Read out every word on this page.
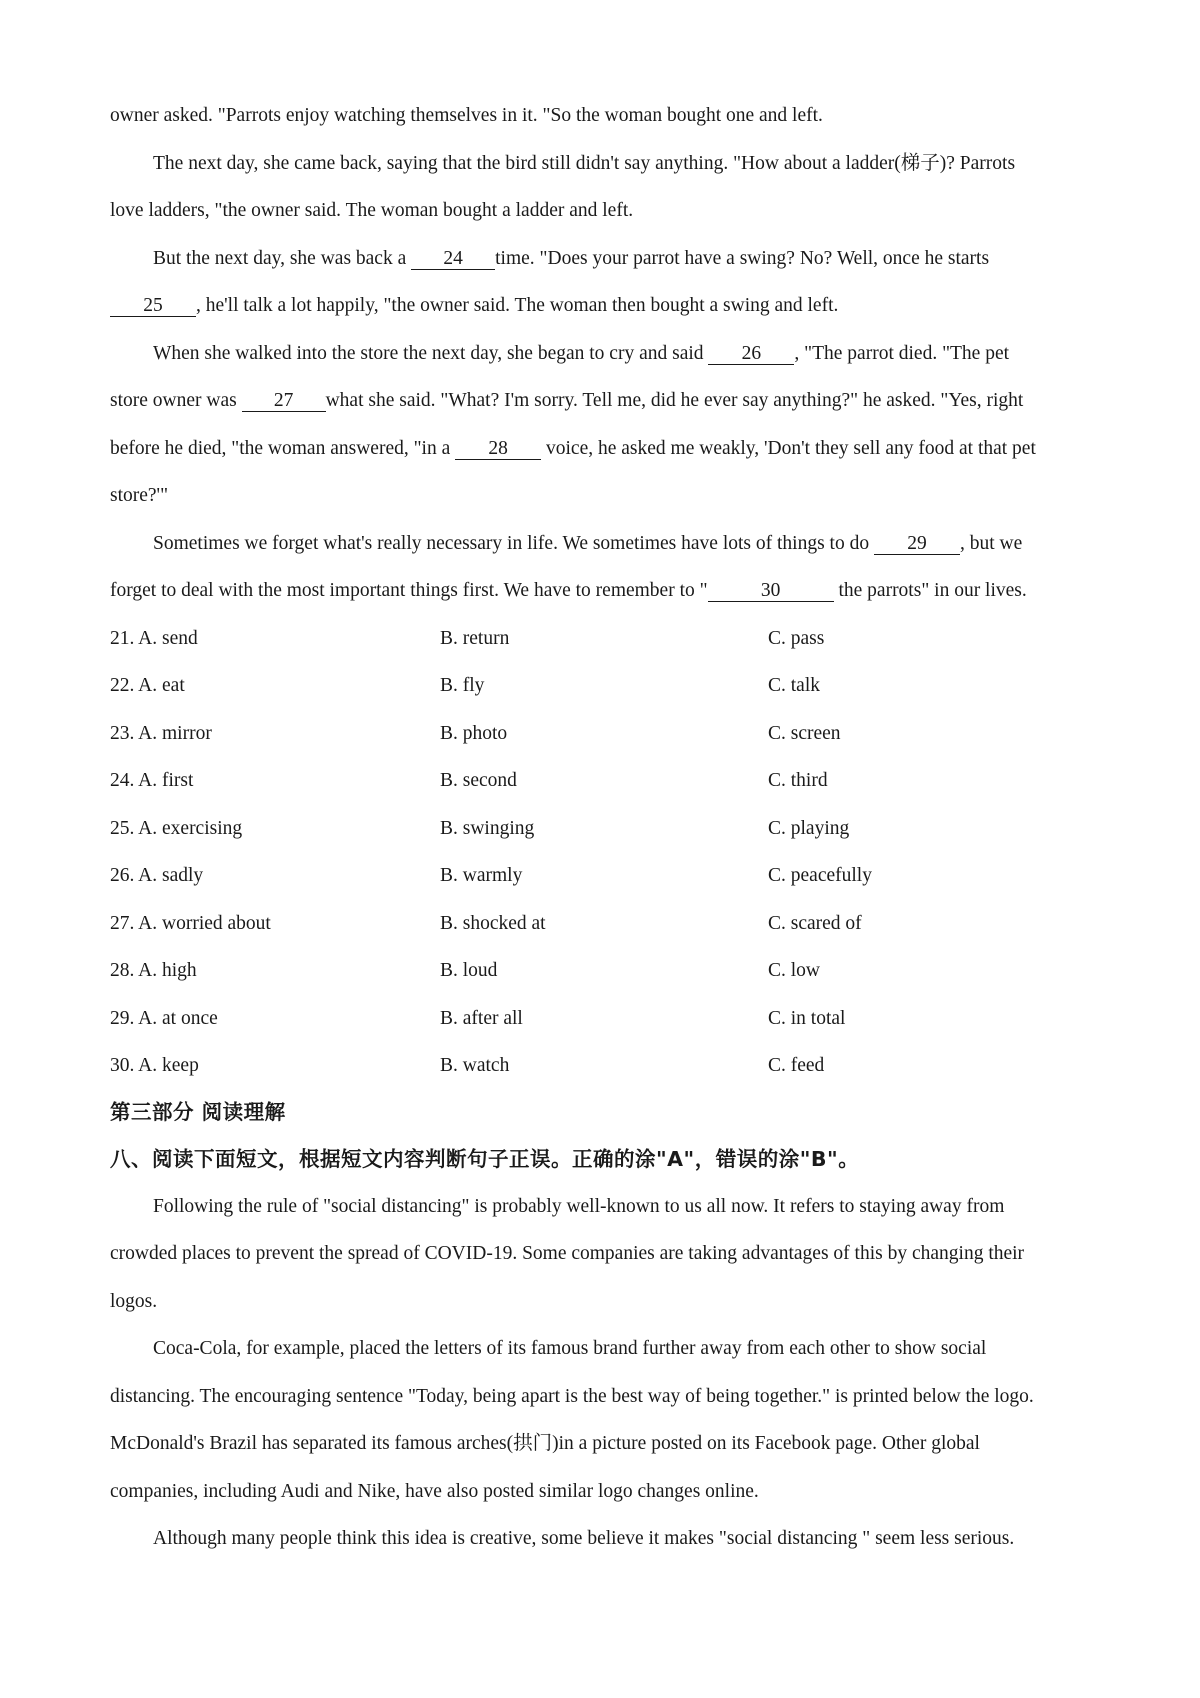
owner asked. "Parrots enjoy watching themselves in it. "So the woman bought one and left.
The next day, she came back, saying that the bird still didn't say anything. "How about a ladder(梯子)? Parrots
love ladders, "the owner said. The woman bought a ladder and left.
But the next day, she was back a 24 time. "Does your parrot have a swing? No? Well, once he starts
25 , he'll talk a lot happily, "the owner said. The woman then bought a swing and left.
When she walked into the store the next day, she began to cry and said 26 , "The parrot died. "The pet
store owner was 27 what she said. "What? I'm sorry. Tell me, did he ever say anything?" he asked. "Yes, right
before he died, "the woman answered, "in a 28 voice, he asked me weakly, 'Don't they sell any food at that pet
store?'"
Sometimes we forget what's really necessary in life. We sometimes have lots of things to do 29 , but we
forget to deal with the most important things first. We have to remember to "	30	the parrots" in our lives.
21. A. send	B. return	C. pass
22. A. eat	B. fly	C. talk
23. A. mirror	B. photo	C. screen
24. A. first	B. second	C. third
25. A. exercising	B. swinging	C. playing
26. A. sadly	B. warmly	C. peacefully
27. A. worried about	B. shocked at	C. scared of
28. A. high	B. loud	C. low
29. A. at once	B. after all	C. in total
30. A. keep	B. watch	C. feed
第三部分 阅读理解
八、阅读下面短文，根据短文内容判断句子正误。正确的涂"A"，错误的涂"B"。
Following the rule of "social distancing" is probably well-known to us all now. It refers to staying away from
crowded places to prevent the spread of COVID-19. Some companies are taking advantages of this by changing their
logos.
Coca-Cola, for example, placed the letters of its famous brand further away from each other to show social
distancing. The encouraging sentence "Today, being apart is the best way of being together." is printed below the logo.
McDonald's Brazil has separated its famous arches(拱门)in a picture posted on its Facebook page. Other global
companies, including Audi and Nike, have also posted similar logo changes online.
Although many people think this idea is creative, some believe it makes "social distancing " seem less serious.
